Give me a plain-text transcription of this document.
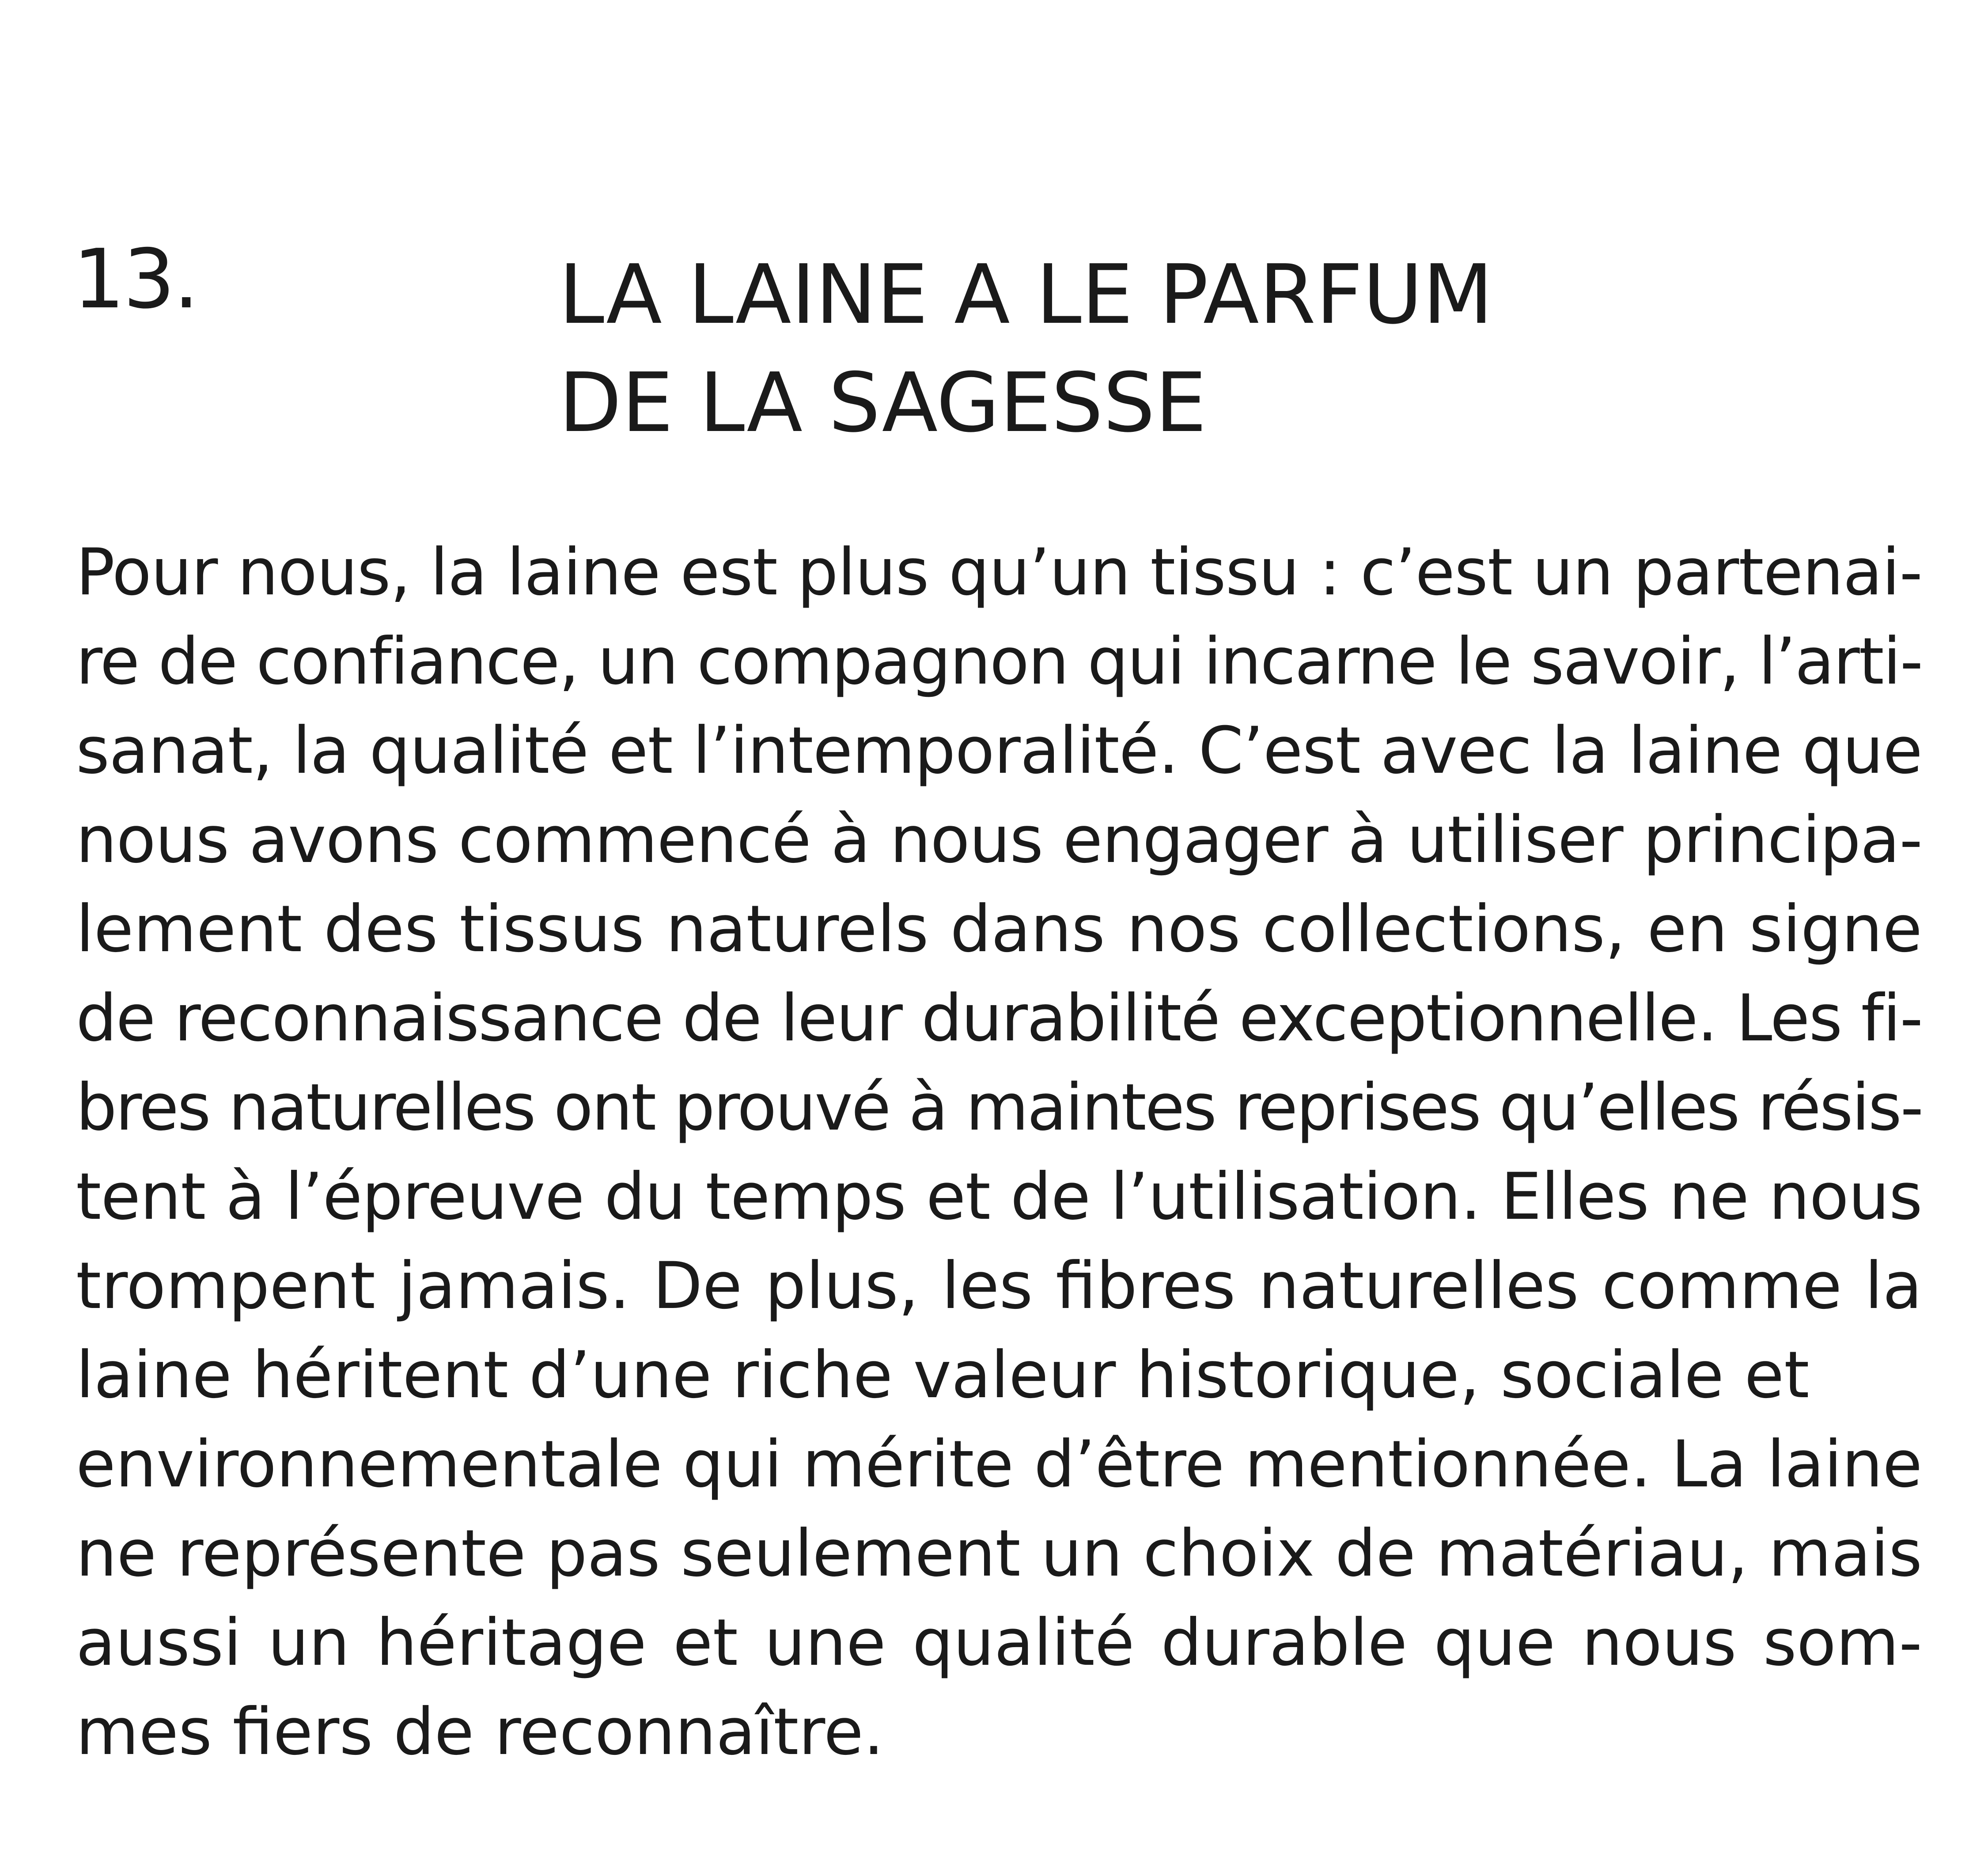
13.	LA LAINE A LE PARFUM
DE LA SAGESSE
Pour nous, la laine est plus qu’un tissu : c’est un partenai-
re de confiance, un compagnon qui incarne le savoir, l’arti-
sanat, la qualité et l’intemporalité. C’est avec la laine que
nous avons commencé à nous engager à utiliser principa-
lement des tissus naturels dans nos collections, en signe
de reconnaissance de leur durabilité exceptionnelle. Les fi-
bres naturelles ont prouvé à maintes reprises qu’elles résis-
tent à l’épreuve du temps et de l’utilisation. Elles ne nous
trompent jamais. De plus, les fibres naturelles comme la
laine héritent d’une riche valeur historique, sociale et
environnementale qui mérite d’être mentionnée. La laine
ne représente pas seulement un choix de matériau, mais
aussi un héritage et une qualité durable que nous som-
mes fiers de reconnaître.
